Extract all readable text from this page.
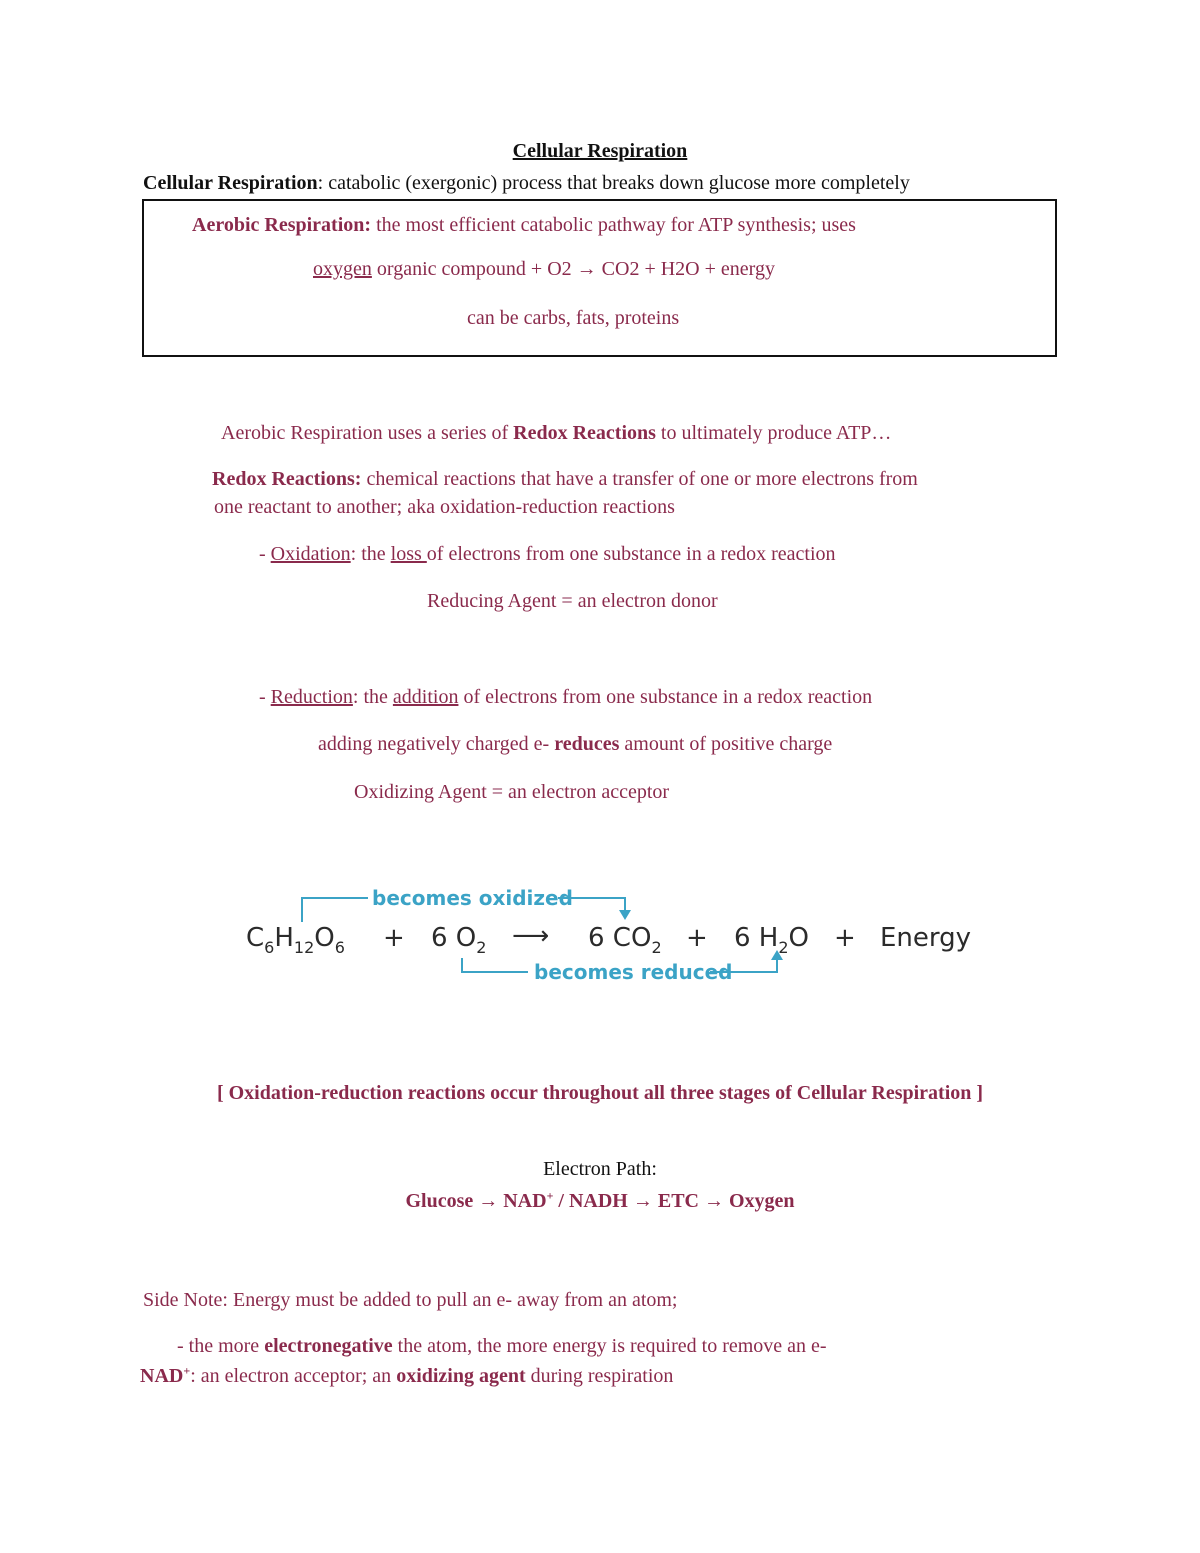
Cellular Respiration
Cellular Respiration: catabolic (exergonic) process that breaks down glucose more completely
Aerobic Respiration: the most efficient catabolic pathway for ATP synthesis; uses
oxygen organic compound + O2 → CO2 + H2O + energy
can be carbs, fats, proteins
Aerobic Respiration uses a series of Redox Reactions to ultimately produce ATP…
Redox Reactions: chemical reactions that have a transfer of one or more electrons from
one reactant to another; aka oxidation-reduction reactions
- Oxidation: the loss of electrons from one substance in a redox reaction
Reducing Agent = an electron donor
- Reduction: the addition of electrons from one substance in a redox reaction
adding negatively charged e- reduces amount of positive charge
Oxidizing Agent = an electron acceptor
becomes oxidized
becomes reduced
$C_6H_{12}O_6 + 6$ $O_2$ ⟶ 6 $CO_2 + 6$ $H_2O$ + Energy
[ Oxidation-reduction reactions occur throughout all three stages of Cellular Respiration ]
Electron Path:
Glucose → NAD+ / NADH → ETC → Oxygen
Side Note: Energy must be added to pull an e- away from an atom;
- the more electronegative the atom, the more energy is required to remove an e-
NAD+: an electron acceptor; an oxidizing agent during respiration
